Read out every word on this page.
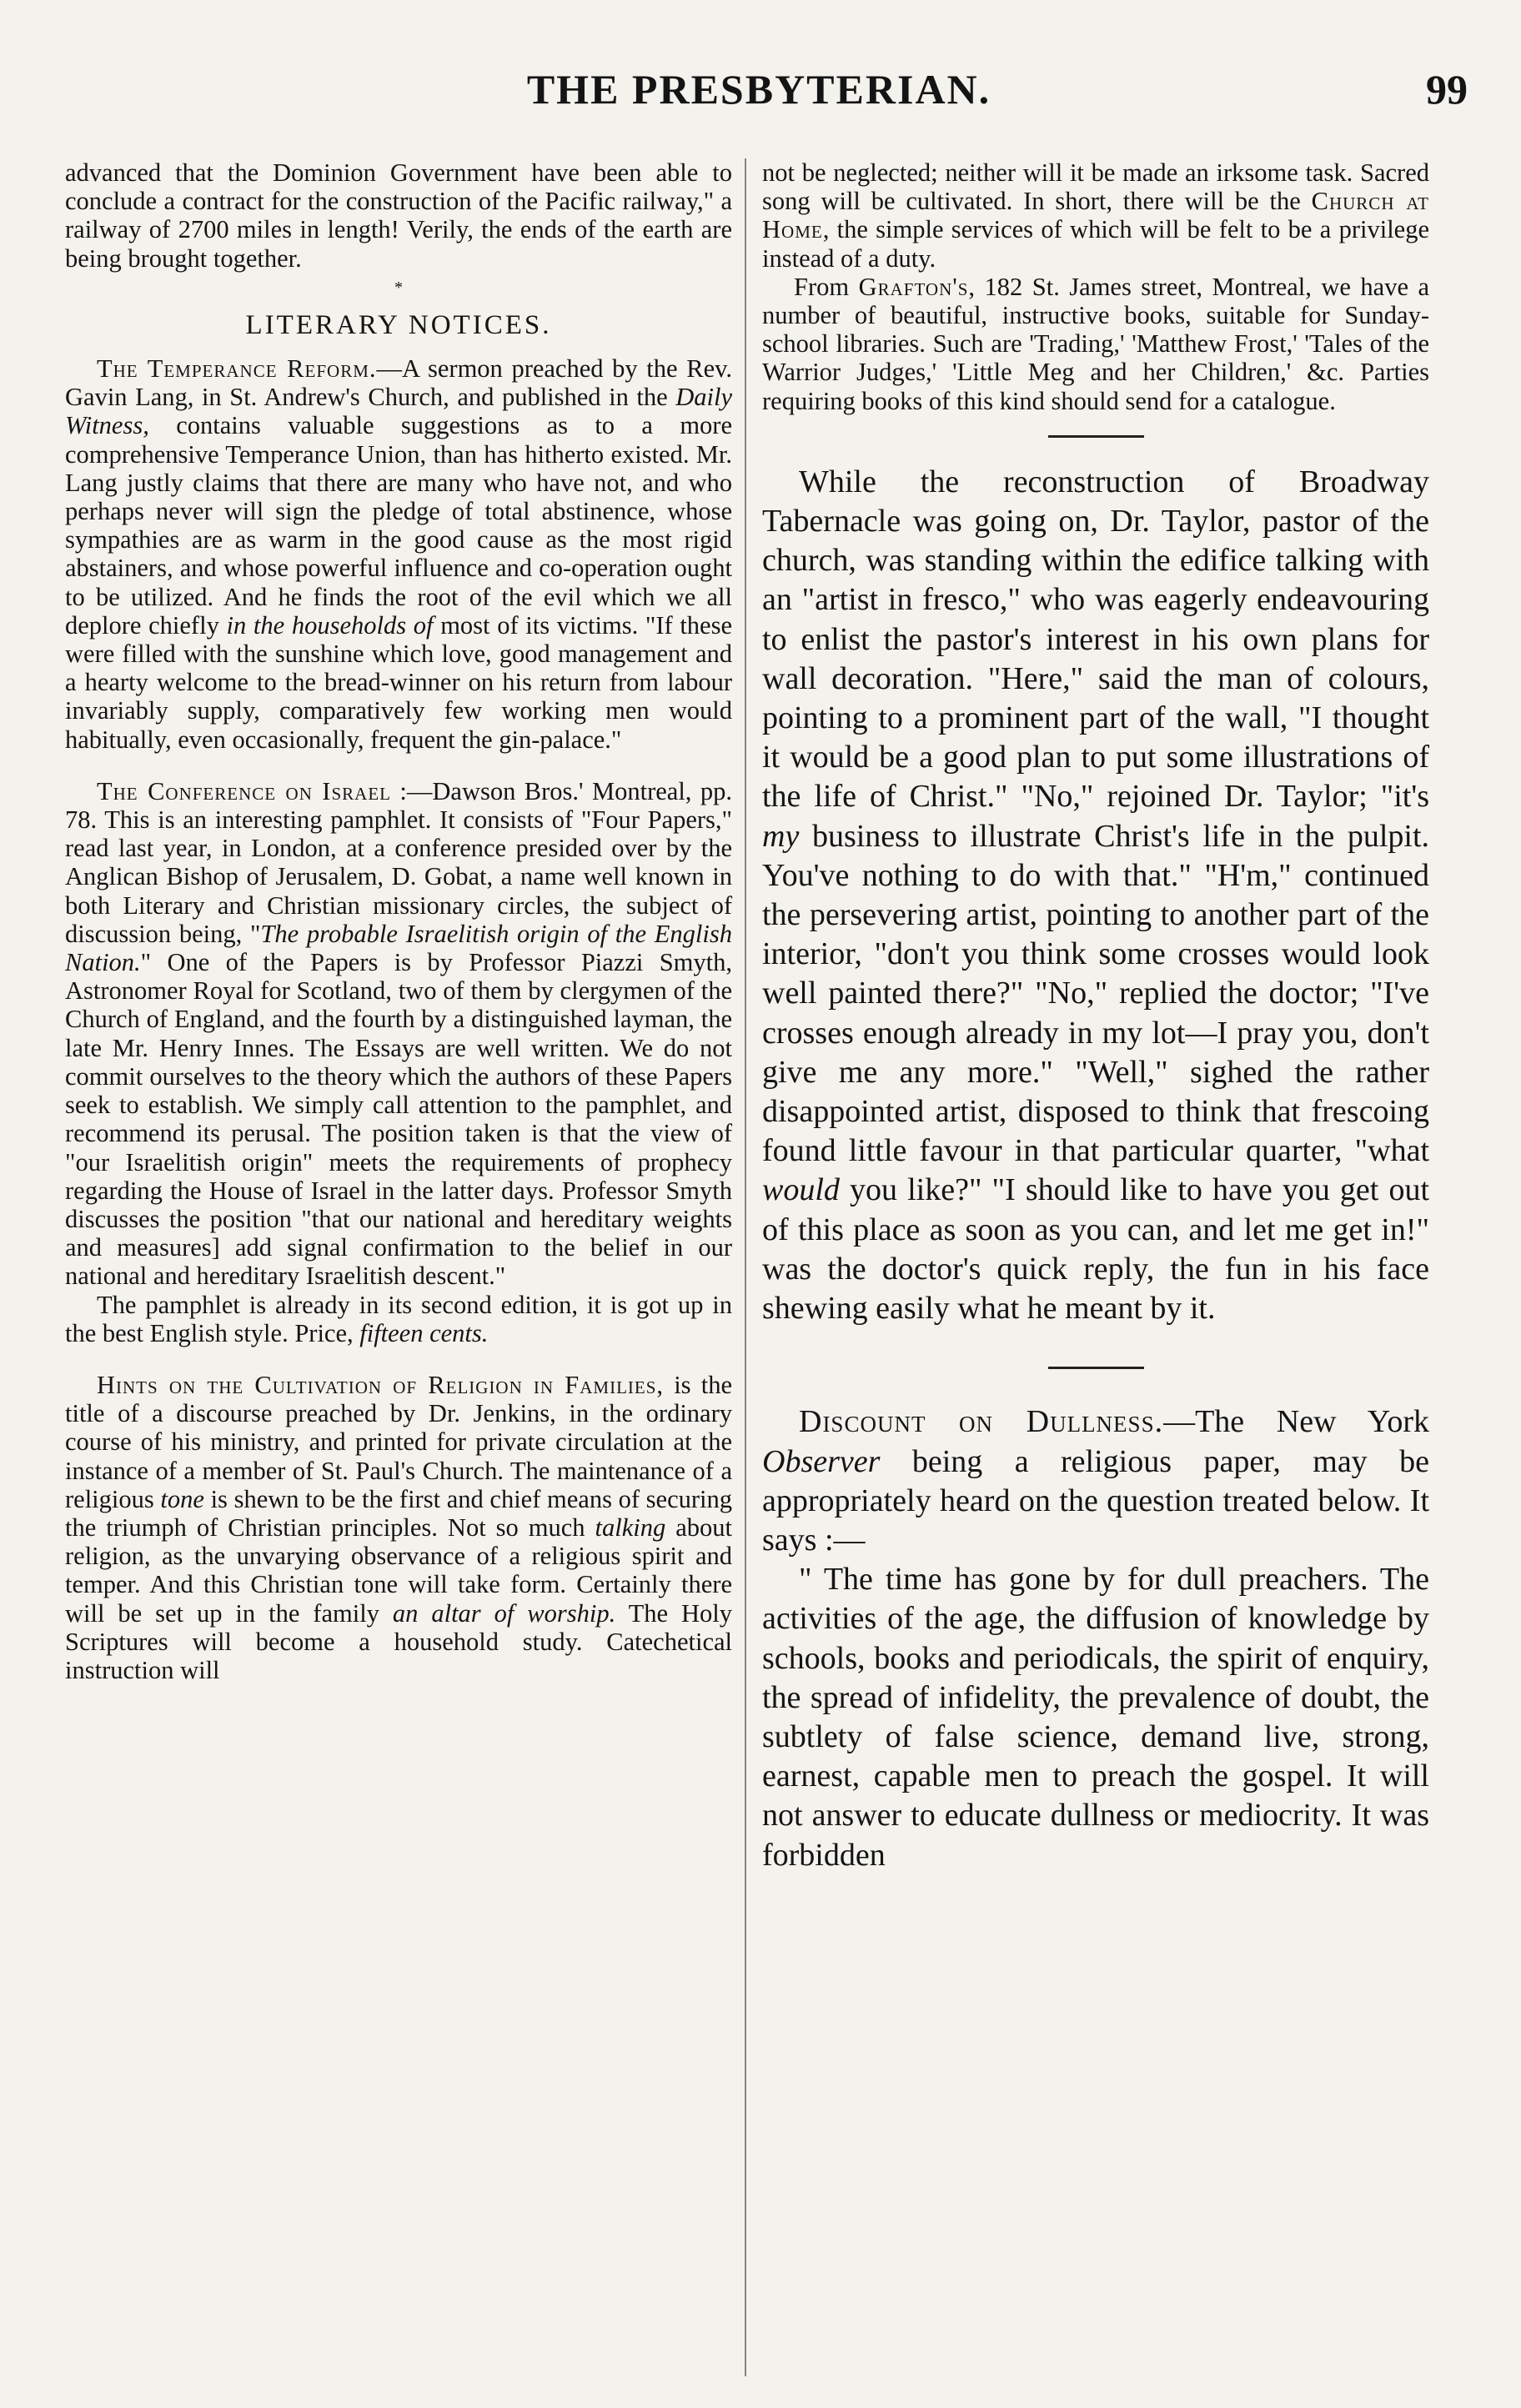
THE PRESBYTERIAN.	99

advanced that the Dominion Government have been able to conclude a contract for the construction of the Pacific railway," a railway of 2700 miles in length! Verily, the ends of the earth are being brought together.

*
LITERARY NOTICES.

The Temperance Reform.—A sermon preached by the Rev. Gavin Lang, in St. Andrew's Church, and published in the Daily Witness, contains valuable suggestions as to a more comprehensive Temperance Union, than has hitherto existed. Mr. Lang justly claims that there are many who have not, and who perhaps never will sign the pledge of total abstinence, whose sympathies are as warm in the good cause as the most rigid abstainers, and whose powerful influence and co-operation ought to be utilized. And he finds the root of the evil which we all deplore chiefly in the households of most of its victims. "If these were filled with the sunshine which love, good management and a hearty welcome to the bread-winner on his return from labour invariably supply, comparatively few working men would habitually, even occasionally, frequent the gin-palace."

The Conference on Israel :—Dawson Bros.' Montreal, pp. 78. This is an interesting pamphlet. It consists of "Four Papers," read last year, in London, at a conference presided over by the Anglican Bishop of Jerusalem, D. Gobat, a name well known in both Literary and Christian missionary circles, the subject of discussion being, "The probable Israelitish origin of the English Nation." One of the Papers is by Professor Piazzi Smyth, Astronomer Royal for Scotland, two of them by clergymen of the Church of England, and the fourth by a distinguished layman, the late Mr. Henry Innes. The Essays are well written. We do not commit ourselves to the theory which the authors of these Papers seek to establish. We simply call attention to the pamphlet, and recommend its perusal. The position taken is that the view of "our Israelitish origin" meets the requirements of prophecy regarding the House of Israel in the latter days. Professor Smyth discusses the position "that our national and hereditary weights and measures] add signal confirmation to the belief in our national and hereditary Israelitish descent."

The pamphlet is already in its second edition, it is got up in the best English style. Price, fifteen cents.

Hints on the Cultivation of Religion in Families, is the title of a discourse preached by Dr. Jenkins, in the ordinary course of his ministry, and printed for private circulation at the instance of a member of St. Paul's Church. The maintenance of a religious tone is shewn to be the first and chief means of securing the triumph of Christian principles. Not so much talking about religion, as the unvarying observance of a religious spirit and temper. And this Christian tone will take form. Certainly there will be set up in the family an altar of worship. The Holy Scriptures will become a household study. Catechetical instruction will

not be neglected; neither will it be made an irksome task. Sacred song will be cultivated. In short, there will be the Church at Home, the simple services of which will be felt to be a privilege instead of a duty.

From Grafton's, 182 St. James street, Montreal, we have a number of beautiful, instructive books, suitable for Sunday-school libraries. Such are 'Trading,' 'Matthew Frost,' 'Tales of the Warrior Judges,' 'Little Meg and her Children,' &c. Parties requiring books of this kind should send for a catalogue.

While the reconstruction of Broadway Tabernacle was going on, Dr. Taylor, pastor of the church, was standing within the edifice talking with an "artist in fresco," who was eagerly endeavouring to enlist the pastor's interest in his own plans for wall decoration. "Here," said the man of colours, pointing to a prominent part of the wall, "I thought it would be a good plan to put some illustrations of the life of Christ." "No," rejoined Dr. Taylor; "it's my business to illustrate Christ's life in the pulpit. You've nothing to do with that." "H'm," continued the persevering artist, pointing to another part of the interior, "don't you think some crosses would look well painted there?" "No," replied the doctor; "I've crosses enough already in my lot—I pray you, don't give me any more." "Well," sighed the rather disappointed artist, disposed to think that frescoing found little favour in that particular quarter, "what would you like?" "I should like to have you get out of this place as soon as you can, and let me get in!" was the doctor's quick reply, the fun in his face shewing easily what he meant by it.

Discount on Dullness.—The New York Observer being a religious paper, may be appropriately heard on the question treated below. It says :—

" The time has gone by for dull preachers. The activities of the age, the diffusion of knowledge by schools, books and periodicals, the spirit of enquiry, the spread of infidelity, the prevalence of doubt, the subtlety of false science, demand live, strong, earnest, capable men to preach the gospel. It will not answer to educate dullness or mediocrity. It was forbidden
